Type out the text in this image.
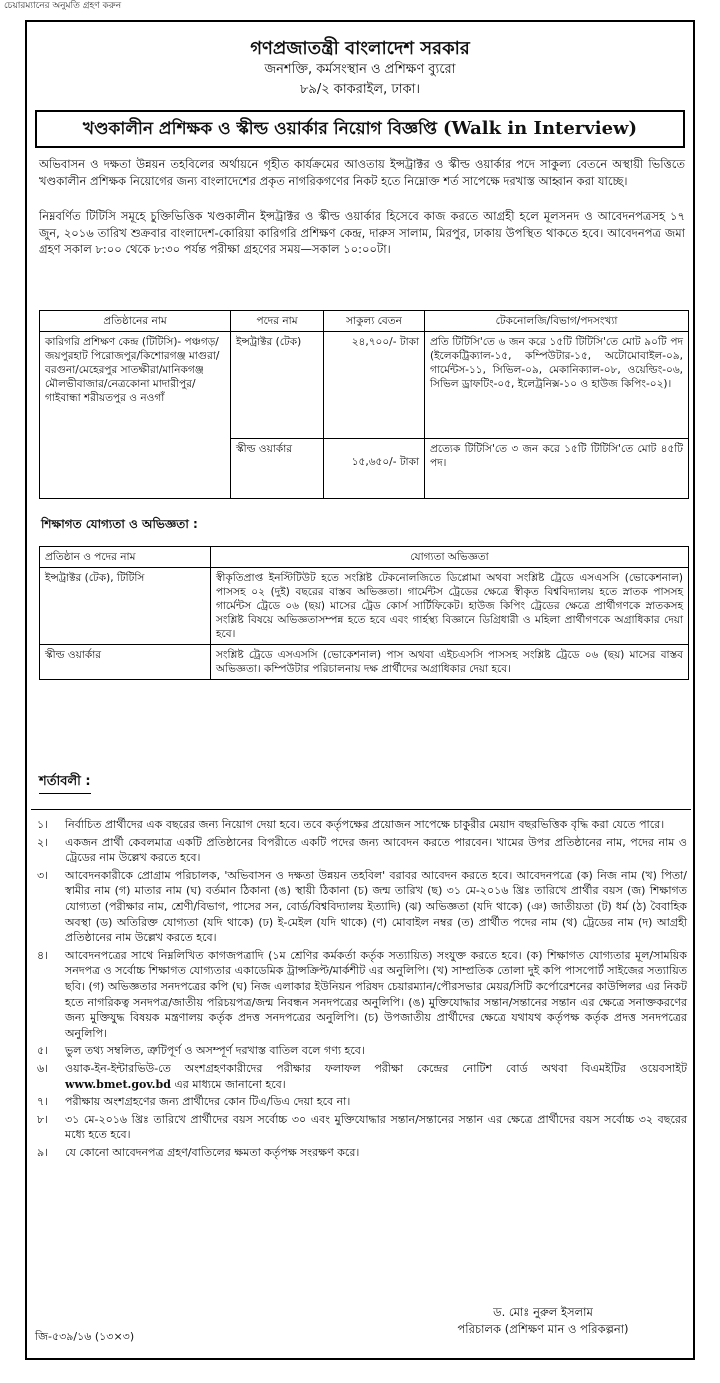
চেয়ারম্যানের অনুমতি গ্রহণ করুন
গণপ্রজাতন্ত্রী বাংলাদেশ সরকার
জনশক্তি, কর্মসংস্থান ও প্রশিক্ষণ ব্যুরো
৮৯/২ কাকরাইল, ঢাকা।
খণ্ডকালীন প্রশিক্ষক ও স্কীল্ড ওয়ার্কার নিয়োগ বিজ্ঞপ্তি (Walk in Interview)
অভিবাসন ও দক্ষতা উন্নয়ন তহবিলের অর্থায়নে গৃহীত কার্যক্রমের আওতায় ইন্সট্রাক্টর ও স্কীল্ড ওয়ার্কার পদে সাকুল্য বেতনে অস্থায়ী ভিত্তিতে খণ্ডকালীন প্রশিক্ষক নিয়োগের জন্য বাংলাদেশের প্রকৃত নাগরিকগণের নিকট হতে নিম্নোক্ত শর্ত সাপেক্ষে দরখাস্ত আহ্বান করা যাচ্ছে।
নিম্নবর্ণিত টিটিসি সমূহে চুক্তিভিত্তিক খণ্ডকালীন ইন্সট্রাক্টর ও স্কীল্ড ওয়ার্কার হিসেবে কাজ করতে আগ্রহী হলে মূলসনদ ও আবেদনপত্রসহ ১৭ জুন, ২০১৬ তারিখ শুক্রবার বাংলাদেশ-কোরিয়া কারিগরি প্রশিক্ষণ কেন্দ্র, দারুস সালাম, মিরপুর, ঢাকায় উপস্থিত থাকতে হবে। আবেদনপত্র জমা গ্রহণ সকাল ৮:০০ থেকে ৮:৩০ পর্যন্ত পরীক্ষা গ্রহণের সময়—সকাল ১০:০০টা।
প্রতিষ্ঠানের নাম	পদের নাম	সাকুল্য বেতন	টেকনোলজি/বিভাগ/পদসংখ্যা
কারিগরি প্রশিক্ষণ কেন্দ্র (টিটিসি)- পঞ্চগড়/জয়পুরহাট পিরোজপুর/কিশোরগঞ্জ মাগুরা/বরগুনা/মেহেরপুর সাতক্ষীরা/মানিকগঞ্জ মৌলভীবাজার/নেত্রকোনা মাদারীপুর/গাইবান্ধা শরীয়তপুর ও নওগাঁ	ইন্সট্রাক্টর (টেক)	২৪,৭০০/- টাকা	প্রতি টিটিসি'তে ৬ জন করে ১৫টি টিটিসি'তে মোট ৯০টি পদ (ইলেকট্রিক্যাল-১৫, কম্পিউটার-১৫, অটোমোবাইল-০৯, গার্মেন্টস-১১, সিভিল-০৯, মেকানিক্যাল-০৮, ওয়েল্ডিং-০৬, সিভিল ড্রাফটিং-০৫, ইলেট্রনিক্স-১০ ও হাউজ কিপিং-০২)।
	স্কীল্ড ওয়ার্কার	১৫,৬৫০/- টাকা	প্রত্যেক টিটিসি'তে ৩ জন করে ১৫টি টিটিসি'তে মোট ৪৫টি পদ।
শিক্ষাগত যোগ্যতা ও অভিজ্ঞতা :
প্রতিষ্ঠান ও পদের নাম	যোগ্যতা অভিজ্ঞতা
ইন্সট্রাক্টর (টেক), টিটিসি	স্বীকৃতিপ্রাপ্ত ইনস্টিটিউট হতে সংশ্লিষ্ট টেকনোলজিতে ডিপ্লোমা অথবা সংশ্লিষ্ট ট্রেডে এসএসসি (ভোকেশনাল) পাসসহ ০২ (দুই) বছরের বাস্তব অভিজ্ঞতা। গার্মেন্টস ট্রেডের ক্ষেত্রে স্বীকৃত বিশ্ববিদ্যালয় হতে স্নাতক পাসসহ গার্মেন্টস ট্রেডে ০৬ (ছয়) মাসের ট্রেড কোর্স সার্টিফিকেট। হাউজ কিপিং ট্রেডের ক্ষেত্রে প্রার্থীগণকে স্নাতকসহ সংশ্লিষ্ট বিষয়ে অভিজ্ঞতাসম্পন্ন হতে হবে এবং গার্হস্থ্য বিজ্ঞানে ডিগ্রিধারী ও মহিলা প্রার্থীগণকে অগ্রাধিকার দেয়া হবে।
স্কীল্ড ওয়ার্কার	সংশ্লিষ্ট ট্রেডে এসএসসি (ভোকেশনাল) পাস অথবা এইচএসসি পাসসহ সংশ্লিষ্ট ট্রেডে ০৬ (ছয়) মাসের বাস্তব অভিজ্ঞতা। কম্পিউটার পরিচালনায় দক্ষ প্রার্থীদের অগ্রাধিকার দেয়া হবে।
শর্তাবলী :
১।	নির্বাচিত প্রার্থীদের এক বছরের জন্য নিয়োগ দেয়া হবে। তবে কর্তৃপক্ষের প্রয়োজন সাপেক্ষে চাকুরীর মেয়াদ বছরভিত্তিক বৃদ্ধি করা যেতে পারে।
২।	একজন প্রার্থী কেবলমাত্র একটি প্রতিষ্ঠানের বিপরীতে একটি পদের জন্য আবেদন করতে পারবেন। খামের উপর প্রতিষ্ঠানের নাম, পদের নাম ও ট্রেডের নাম উল্লেখ করতে হবে।
৩।	আবেদনকারীকে প্রোগ্রাম পরিচালক, 'অভিবাসন ও দক্ষতা উন্নয়ন তহবিল' বরাবর আবেদন করতে হবে। আবেদনপত্রে (ক) নিজ নাম (খ) পিতা/স্বামীর নাম (গ) মাতার নাম (ঘ) বর্তমান ঠিকানা (ঙ) স্থায়ী ঠিকানা (চ) জন্ম তারিখ (ছ) ৩১ মে-২০১৬ খ্রিঃ তারিখে প্রার্থীর বয়স (জ) শিক্ষাগত যোগ্যতা (পরীক্ষার নাম, শ্রেণী/বিভাগ, পাসের সন, বোর্ড/বিশ্ববিদ্যালয় ইত্যাদি) (ঝ) অভিজ্ঞতা (যদি থাকে) (ঞ) জাতীয়তা (ট) ধর্ম (ঠ) বৈবাহিক অবস্থা (ড) অতিরিক্ত যোগ্যতা (যদি থাকে) (ঢ) ই-মেইল (যদি থাকে) (ণ) মোবাইল নম্বর (ত) প্রার্থীত পদের নাম (থ) ট্রেডের নাম (দ) আগ্রহী প্রতিষ্ঠানের নাম উল্লেখ করতে হবে।
৪।	আবেদনপত্রের সাথে নিম্নলিখিত কাগজপত্রাদি (১ম শ্রেণির কর্মকর্তা কর্তৃক সত্যায়িত) সংযুক্ত করতে হবে। (ক) শিক্ষাগত যোগ্যতার মূল/সাময়িক সনদপত্র ও সর্বোচ্চ শিক্ষাগত যোগ্যতার একাডেমিক ট্রান্সক্রিপ্ট/মার্কশীট এর অনুলিপি। (খ) সাম্প্রতিক তোলা দুই কপি পাসপোর্ট সাইজের সত্যায়িত ছবি। (গ) অভিজ্ঞতার সনদপত্রের কপি (ঘ) নিজ এলাকার ইউনিয়ন পরিষদ চেয়ারম্যান/পৌরসভার মেয়র/সিটি কর্পোরেশনের কাউন্সিলর এর নিকট হতে নাগরিকত্ব সনদপত্র/জাতীয় পরিচয়পত্র/জন্ম নিবন্ধন সনদপত্রের অনুলিপি। (ঙ) মুক্তিযোদ্ধার সন্তান/সন্তানের সন্তান এর ক্ষেত্রে সনাক্তকরণের জন্য মুক্তিযুদ্ধ বিষয়ক মন্ত্রণালয় কর্তৃক প্রদত্ত সনদপত্রের অনুলিপি। (চ) উপজাতীয় প্রার্থীদের ক্ষেত্রে যথাযথ কর্তৃপক্ষ কর্তৃক প্রদত্ত সনদপত্রের অনুলিপি।
৫।	ভুল তথ্য সম্বলিত, ত্রুটিপূর্ণ ও অসম্পূর্ণ দরখাস্ত বাতিল বলে গণ্য হবে।
৬।	ওয়াক-ইন-ইন্টারভিউ-তে অংশগ্রহণকারীদের পরীক্ষার ফলাফল পরীক্ষা কেন্দ্রের নোটিশ বোর্ড অথবা বিএমইটির ওয়েবসাইট www.bmet.gov.bd এর মাধ্যমে জানানো হবে।
৭।	পরীক্ষায় অংশগ্রহণের জন্য প্রার্থীদের কোন টিএ/ডিএ দেয়া হবে না।
৮।	৩১ মে-২০১৬ খ্রিঃ তারিখে প্রার্থীদের বয়স সর্বোচ্চ ৩০ এবং মুক্তিযোদ্ধার সন্তান/সন্তানের সন্তান এর ক্ষেত্রে প্রার্থীদের বয়স সর্বোচ্চ ৩২ বছরের মধ্যে হতে হবে।
৯।	যে কোনো আবেদনপত্র গ্রহণ/বাতিলের ক্ষমতা কর্তৃপক্ষ সংরক্ষণ করে।
ড. মোঃ নুরুল ইসলাম
পরিচালক (প্রশিক্ষণ মান ও পরিকল্পনা)
জি-৫৩৯/১৬ (১৩×৩)
